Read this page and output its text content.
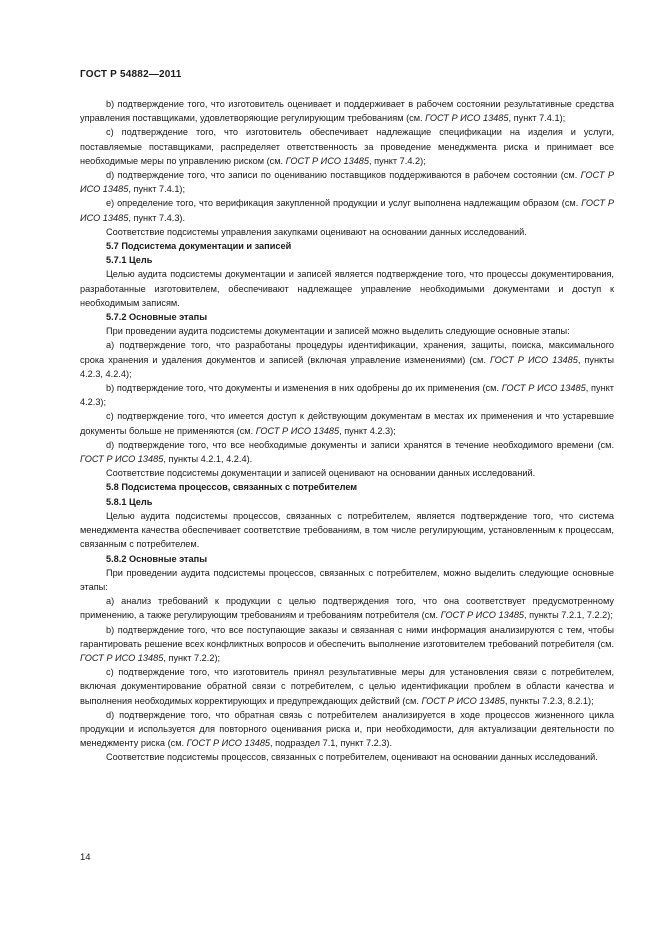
ГОСТ Р 54882—2011
b) подтверждение того, что изготовитель оценивает и поддерживает в рабочем состоянии результативные средства управления поставщиками, удовлетворяющие регулирующим требованиям (см. ГОСТ Р ИСО 13485, пункт 7.4.1);
c) подтверждение того, что изготовитель обеспечивает надлежащие спецификации на изделия и услуги, поставляемые поставщиками, распределяет ответственность за проведение менеджмента риска и принимает все необходимые меры по управлению риском (см. ГОСТ Р ИСО 13485, пункт 7.4.2);
d) подтверждение того, что записи по оцениванию поставщиков поддерживаются в рабочем состоянии (см. ГОСТ Р ИСО 13485, пункт 7.4.1);
e) определение того, что верификация закупленной продукции и услуг выполнена надлежащим образом (см. ГОСТ Р ИСО 13485, пункт 7.4.3).
Соответствие подсистемы управления закупками оценивают на основании данных исследований.
5.7 Подсистема документации и записей
5.7.1 Цель
Целью аудита подсистемы документации и записей является подтверждение того, что процессы документирования, разработанные изготовителем, обеспечивают надлежащее управление необходимыми документами и доступ к необходимым записям.
5.7.2 Основные этапы
При проведении аудита подсистемы документации и записей можно выделить следующие основные этапы:
a) подтверждение того, что разработаны процедуры идентификации, хранения, защиты, поиска, максимального срока хранения и удаления документов и записей (включая управление изменениями) (см. ГОСТ Р ИСО 13485, пункты 4.2.3, 4.2.4);
b) подтверждение того, что документы и изменения в них одобрены до их применения (см. ГОСТ Р ИСО 13485, пункт 4.2.3);
c) подтверждение того, что имеется доступ к действующим документам в местах их применения и что устаревшие документы больше не применяются (см. ГОСТ Р ИСО 13485, пункт 4.2.3);
d) подтверждение того, что все необходимые документы и записи хранятся в течение необходимого времени (см. ГОСТ Р ИСО 13485, пункты 4.2.1, 4.2.4).
Соответствие подсистемы документации и записей оценивают на основании данных исследований.
5.8 Подсистема процессов, связанных с потребителем
5.8.1 Цель
Целью аудита подсистемы процессов, связанных с потребителем, является подтверждение того, что система менеджмента качества обеспечивает соответствие требованиям, в том числе регулирующим, установленным к процессам, связанным с потребителем.
5.8.2 Основные этапы
При проведении аудита подсистемы процессов, связанных с потребителем, можно выделить следующие основные этапы:
a) анализ требований к продукции с целью подтверждения того, что она соответствует предусмотренному применению, а также регулирующим требованиям и требованиям потребителя (см. ГОСТ Р ИСО 13485, пункты 7.2.1, 7.2.2);
b) подтверждение того, что все поступающие заказы и связанная с ними информация анализируются с тем, чтобы гарантировать решение всех конфликтных вопросов и обеспечить выполнение изготовителем требований потребителя (см. ГОСТ Р ИСО 13485, пункт 7.2.2);
c) подтверждение того, что изготовитель принял результативные меры для установления связи с потребителем, включая документирование обратной связи с потребителем, с целью идентификации проблем в области качества и выполнения необходимых корректирующих и предупреждающих действий (см. ГОСТ Р ИСО 13485, пункты 7.2.3, 8.2.1);
d) подтверждение того, что обратная связь с потребителем анализируется в ходе процессов жизненного цикла продукции и используется для повторного оценивания риска и, при необходимости, для актуализации деятельности по менеджменту риска (см. ГОСТ Р ИСО 13485, подраздел 7.1, пункт 7.2.3).
Соответствие подсистемы процессов, связанных с потребителем, оценивают на основании данных исследований.
14
